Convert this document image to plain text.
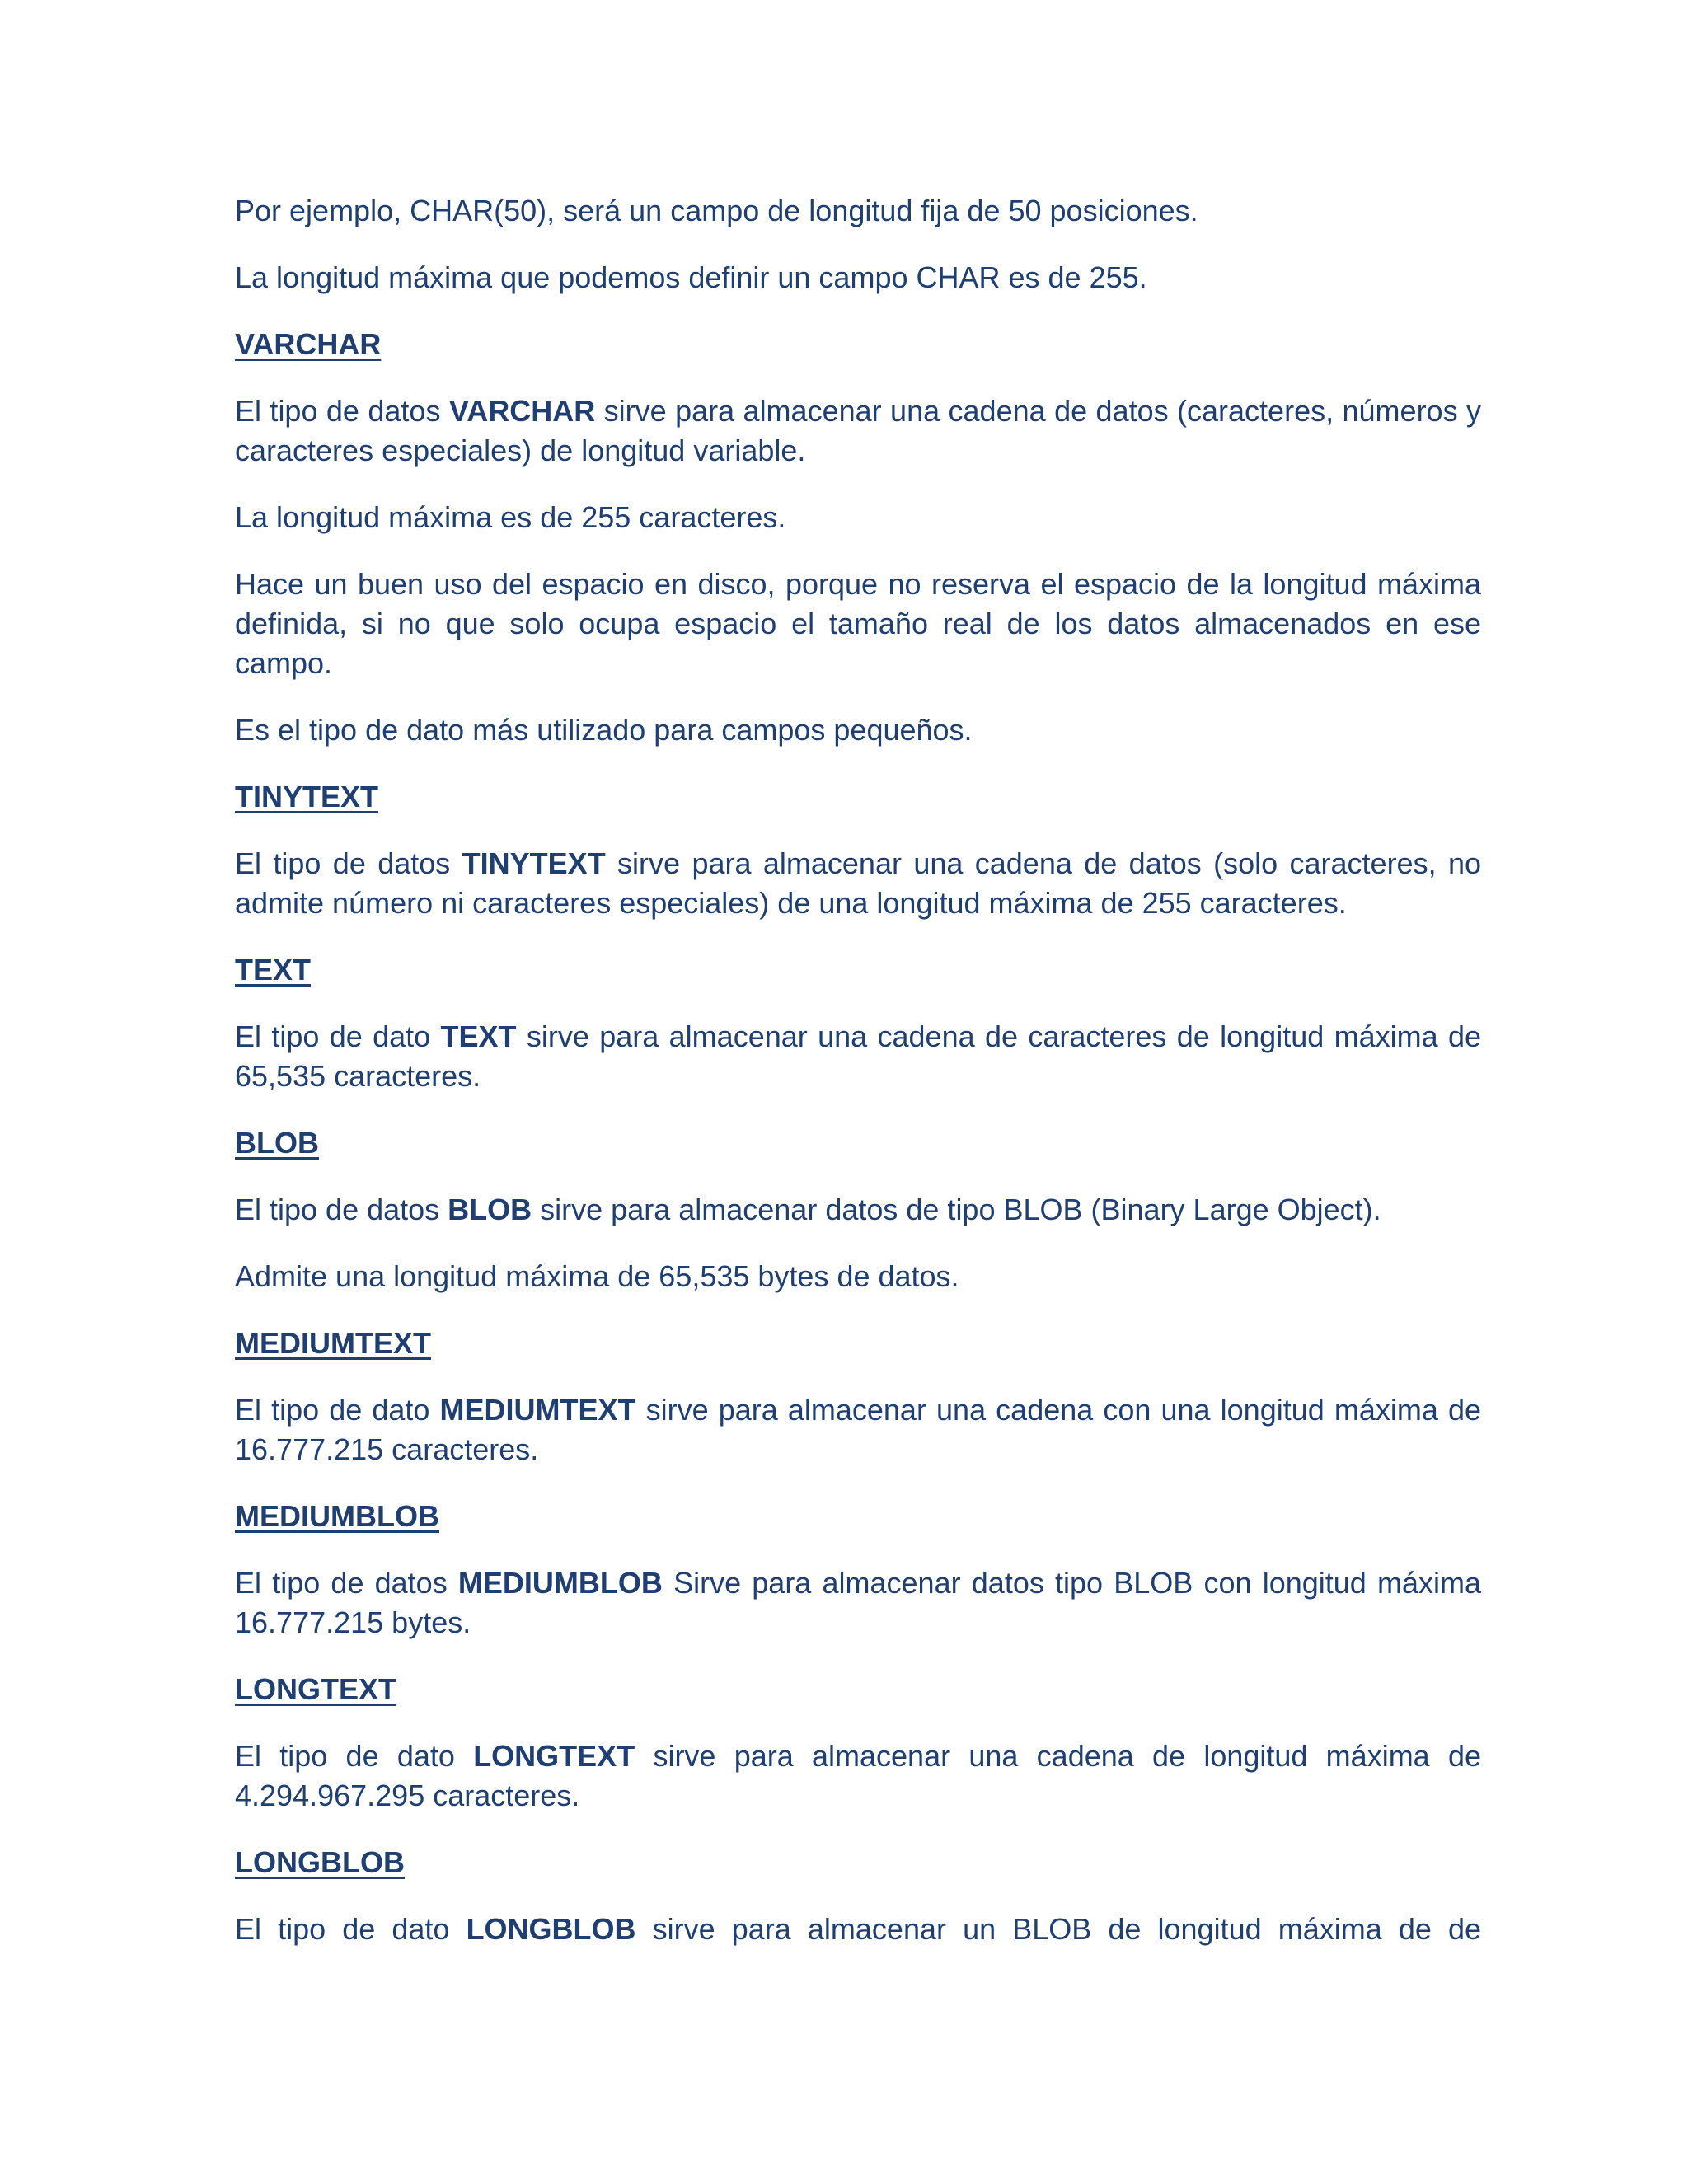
Por ejemplo, CHAR(50), será un campo de longitud fija de 50 posiciones.

La longitud máxima que podemos definir un campo CHAR es de 255.

VARCHAR

El tipo de datos VARCHAR sirve para almacenar una cadena de datos (caracteres, números y caracteres especiales) de longitud variable.

La longitud máxima es de 255 caracteres.

Hace un buen uso del espacio en disco, porque no reserva el espacio de la longitud máxima definida, si no que solo ocupa espacio el tamaño real de los datos almacenados en ese campo.

Es el tipo de dato más utilizado para campos pequeños.

TINYTEXT

El tipo de datos TINYTEXT sirve para almacenar una cadena de datos (solo caracteres, no admite número ni caracteres especiales) de una longitud máxima de 255 caracteres.

TEXT

El tipo de dato TEXT sirve para almacenar una cadena de caracteres de longitud máxima de 65,535 caracteres.

BLOB

El tipo de datos BLOB sirve para almacenar datos de tipo BLOB (Binary Large Object).

Admite una longitud máxima de 65,535 bytes de datos.

MEDIUMTEXT

El tipo de dato MEDIUMTEXT sirve para almacenar una cadena con una longitud máxima de 16.777.215 caracteres.

MEDIUMBLOB

El tipo de datos MEDIUMBLOB Sirve para almacenar datos tipo BLOB con longitud máxima 16.777.215 bytes.

LONGTEXT

El tipo de dato LONGTEXT sirve para almacenar una cadena de longitud máxima de 4.294.967.295 caracteres.

LONGBLOB

El tipo de dato LONGBLOB sirve para almacenar un BLOB de longitud máxima de de
